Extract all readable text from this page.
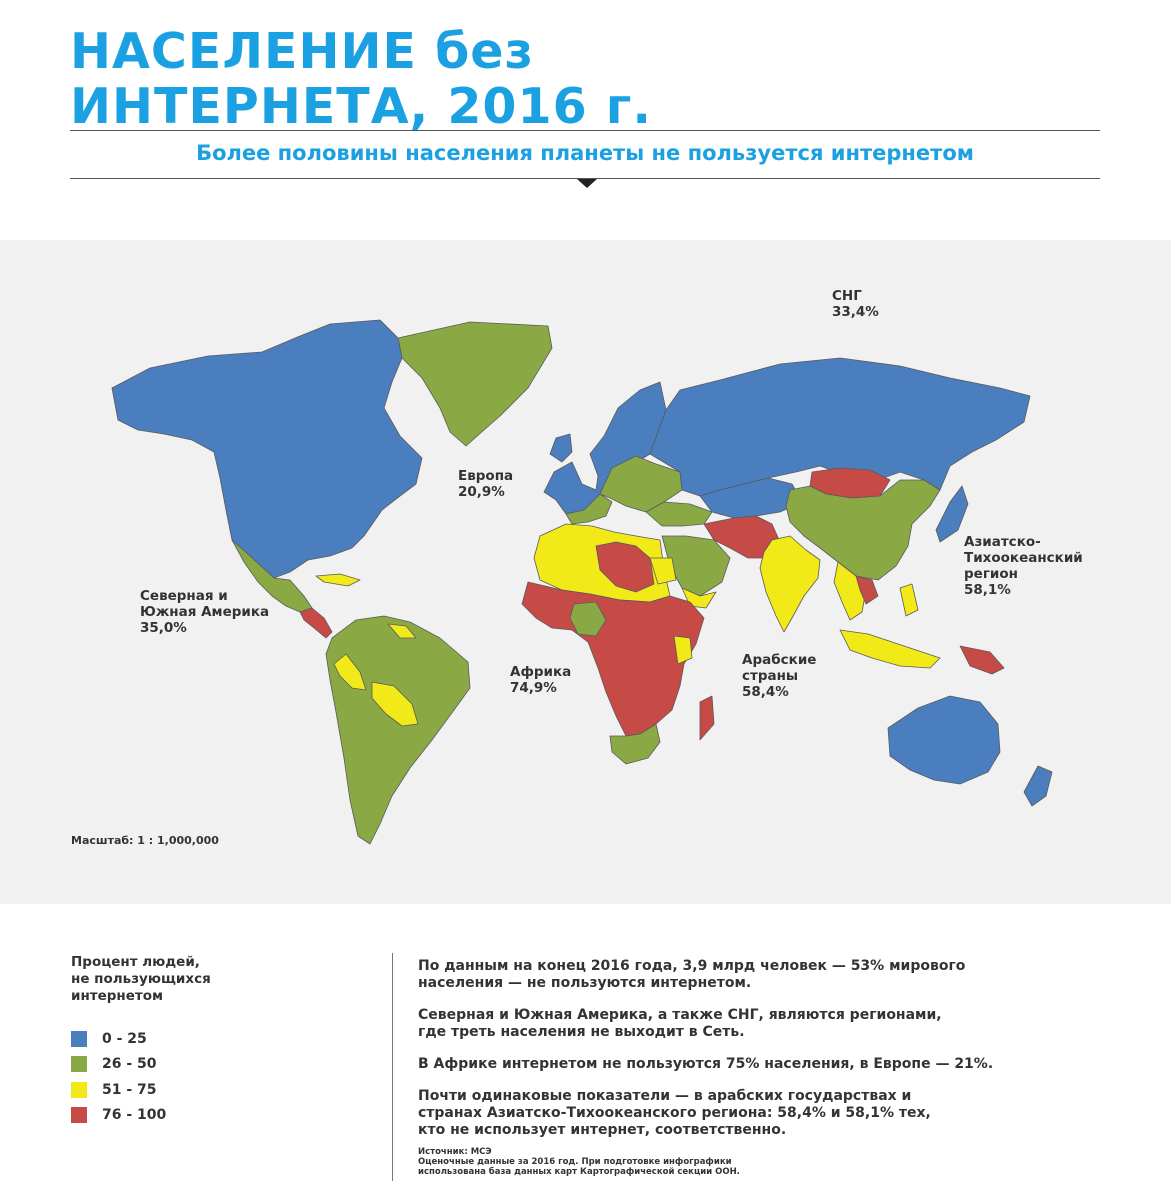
НАСЕЛЕНИЕ без
ИНТЕРНЕТА, 2016 г.
Более половины населения планеты не пользуется интернетом
СНГ
33,4%
Европа
20,9%
Северная и
Южная Америка
35,0%
Африка
74,9%
Арабские
страны
58,4%
Азиатско-
Тихоокеанский
регион
58,1%
Масштаб: 1 : 1,000,000
Процент людей,
не пользующихся
интернетом
0 - 25
26 - 50
51 - 75
76 - 100

По данным на конец 2016 года, 3,9 млрд человек — 53% мирового
населения — не пользуются интернетом.

Северная и Южная Америка, а также СНГ, являются регионами,
где треть населения не выходит в Сеть.

В Африке интернетом не пользуются 75% населения, в Европе — 21%.

Почти одинаковые показатели — в арабских государствах и
странах Азиатско-Тихоокеанского региона: 58,4% и 58,1% тех,
кто не использует интернет, соответственно.

Источник: МСЭ
Оценочные данные за 2016 год. При подготовке инфографики
использована база данных карт Картографической секции ООН.
